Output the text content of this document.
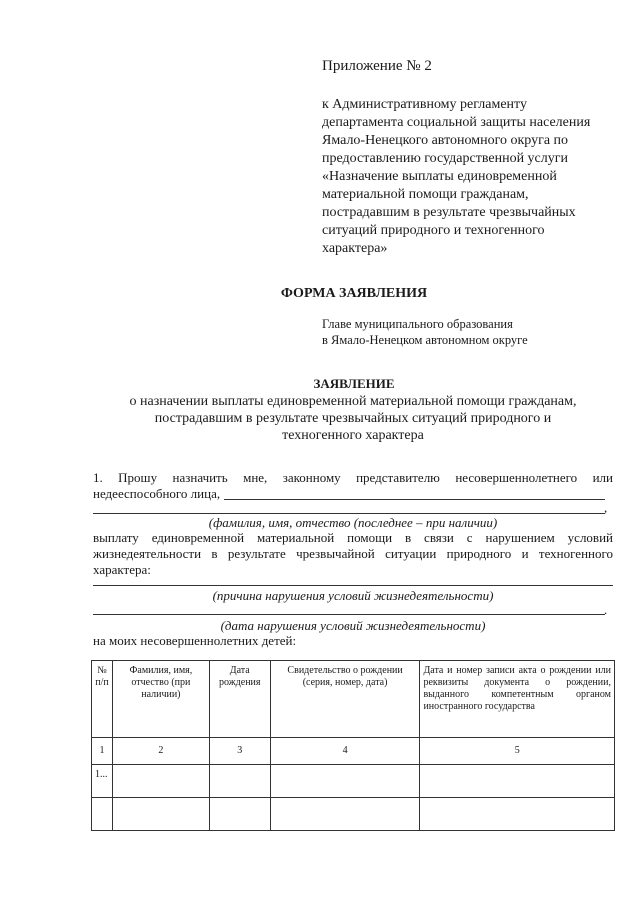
Приложение № 2
к Административному регламенту
департамента социальной защиты населения
Ямало-Ненецкого автономного округа по
предоставлению государственной услуги
«Назначение выплаты единовременной
материальной помощи гражданам,
пострадавшим в результате чрезвычайных
ситуаций природного и техногенного
характера»
ФОРМА ЗАЯВЛЕНИЯ
Главе муниципального образования
в Ямало-Ненецком автономном округе
ЗАЯВЛЕНИЕ
о назначении выплаты единовременной материальной помощи гражданам,
пострадавшим в результате чрезвычайных ситуаций природного и
техногенного характера
1. Прошу назначить мне, законному представителю несовершеннолетнего или
недееспособного лица,
,
(фамилия, имя, отчество (последнее – при наличии)
выплату единовременной материальной помощи в связи с нарушением условий
жизнедеятельности в результате чрезвычайной ситуации природного и техногенного
характера:
(причина нарушения условий жизнедеятельности)
.
(дата нарушения условий жизнедеятельности)
на моих несовершеннолетних детей:
№ п/п	Фамилия, имя, отчество (при наличии)	Дата рождения	Свидетельство о рождении (серия, номер, дата)	Дата и номер записи акта о рождении или реквизиты документа о рождении, выданного компетентным органом иностранного государства
1	2	3	4	5
1...				
